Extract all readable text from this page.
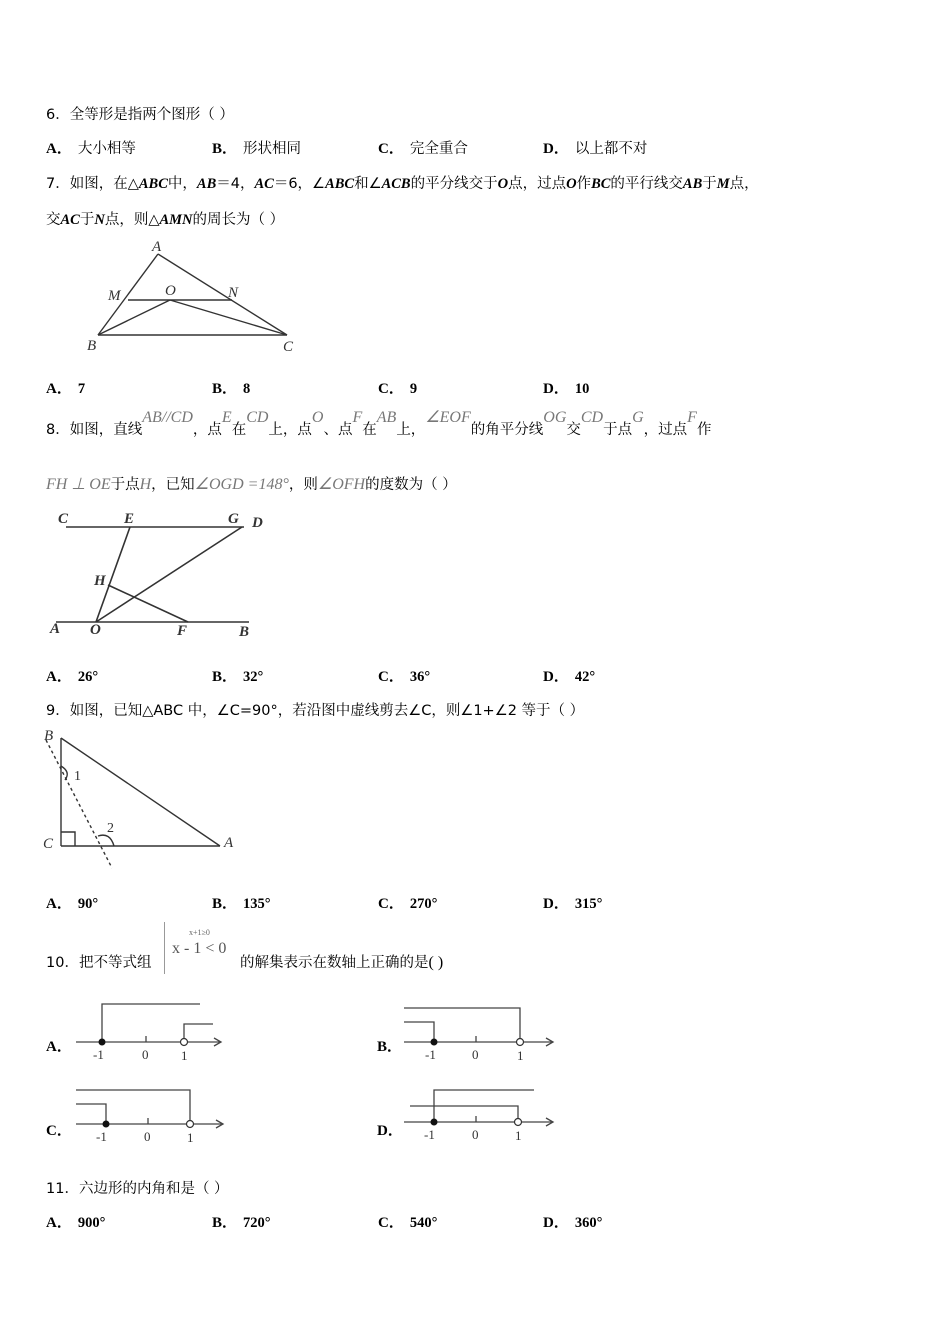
6．全等形是指两个图形（ ）
A． 大小相等	B． 形状相同	C． 完全重合	D． 以上都不对
7．如图，在△ABC中，AB＝4，AC＝6，∠ABC和∠ACB的平分线交于O点，过点O作BC的平行线交AB于M点，
交AC于N点，则△AMN的周长为（ ）
A
M	O	N
B	C
A． 7	B． 8	C． 9	D． 10
8．如图，直线AB//CD，点E在CD上，点O、点F在AB上，∠EOF的角平分线OG交CD于点G，过点F作
FH ⊥ OE于点H，已知∠OGD =148°，则∠OFH的度数为（ ）
C	E	G D
H
A O	F	B
A． 26°	B． 32°	C． 36°	D． 42°
9．如图，已知△ABC 中，∠C=90°，若沿图中虚线剪去∠C，则∠1+∠2 等于（ ）
B
C	A
1
2
A． 90°	B． 135°	C． 270°	D． 315°
10．把不等式组
x+1≥0
x - 1 < 0
的解集表示在数轴上正确的是( )
A．	-1	0	1
B．	-1	0	1
C．	-1	0	1	D．	-1	0	1
11．六边形的内角和是（ ）
A． 900°	B． 720°	C． 540°	D． 360°
